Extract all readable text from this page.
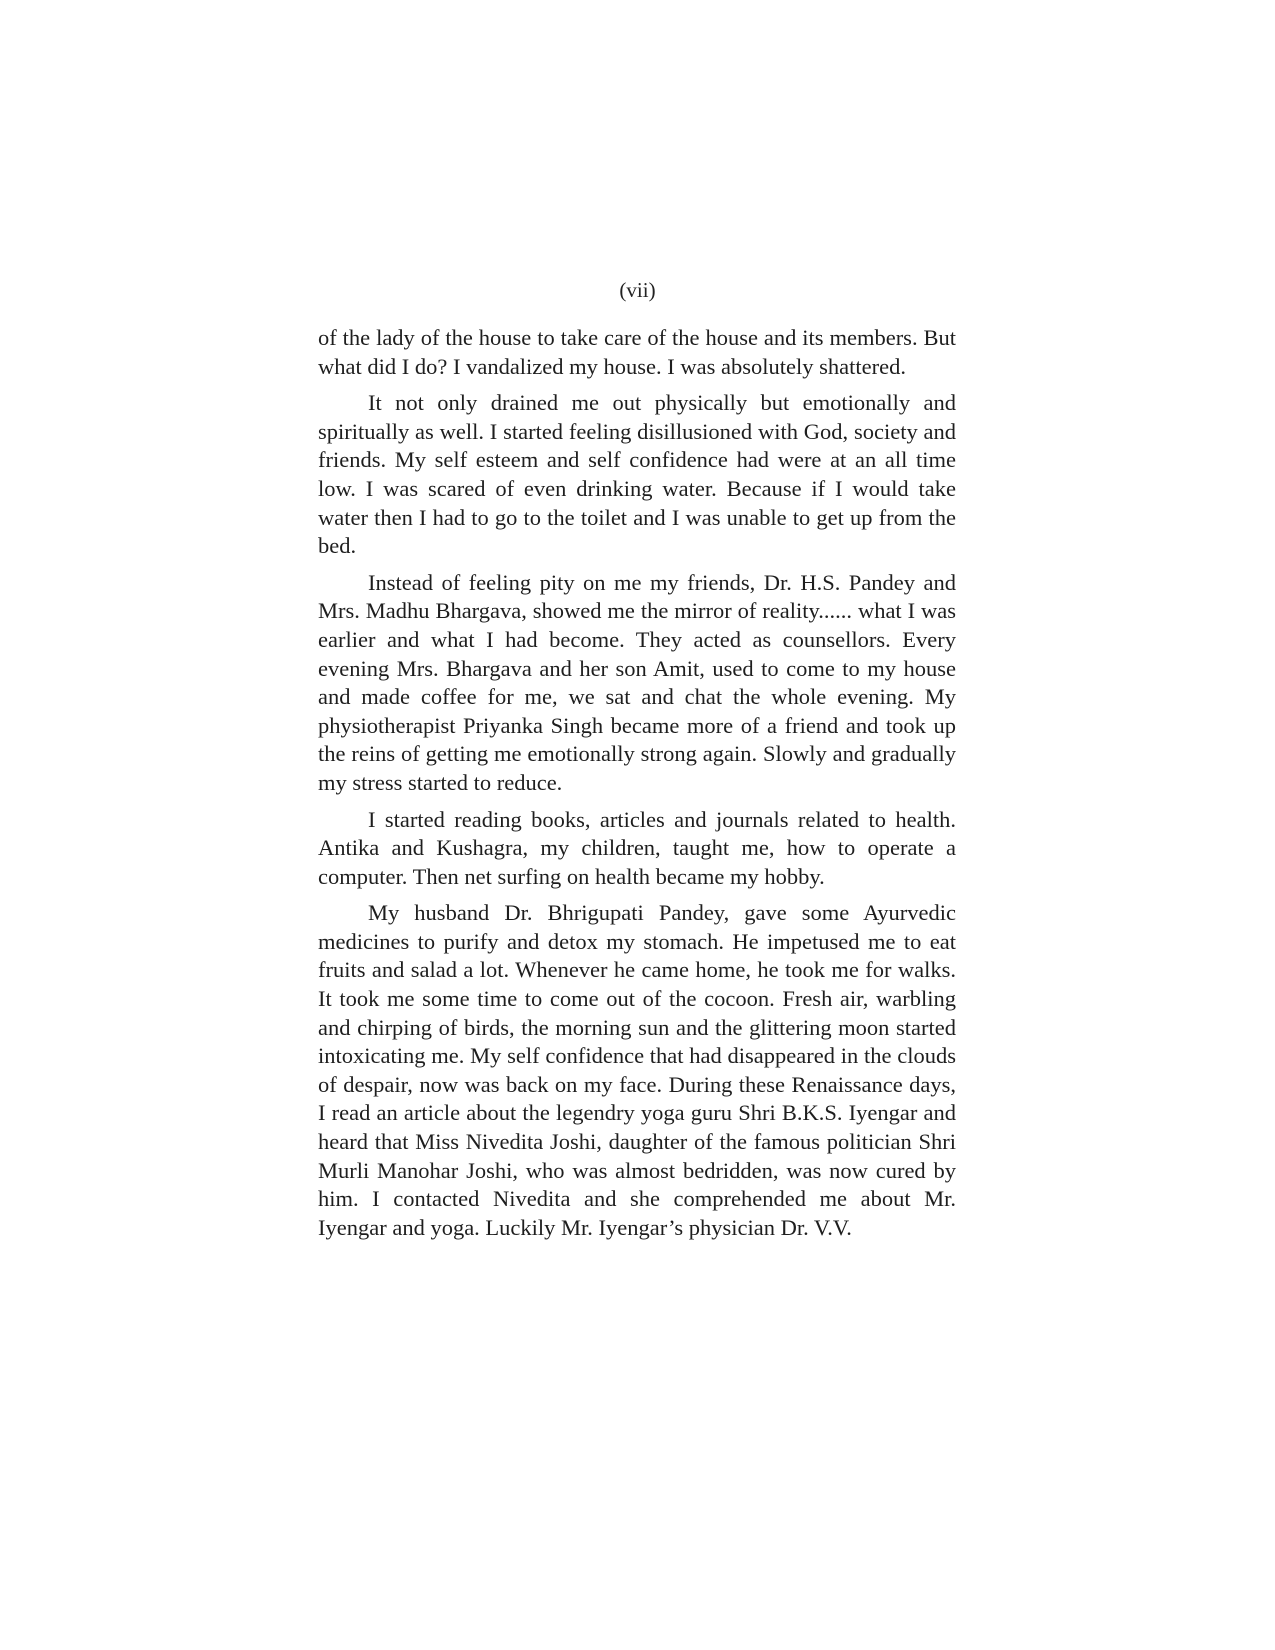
(vii)

of the lady of the house to take care of the house and its members. But what did I do? I vandalized my house. I was absolutely shattered.

It not only drained me out physically but emotionally and spiritually as well. I started feeling disillusioned with God, society and friends. My self esteem and self confidence had were at an all time low. I was scared of even drinking water. Because if I would take water then I had to go to the toilet and I was unable to get up from the bed.

Instead of feeling pity on me my friends, Dr. H.S. Pandey and Mrs. Madhu Bhargava, showed me the mirror of reality...... what I was earlier and what I had become. They acted as counsellors. Every evening Mrs. Bhargava and her son Amit, used to come to my house and made coffee for me, we sat and chat the whole evening. My physiotherapist Priyanka Singh became more of a friend and took up the reins of getting me emotionally strong again. Slowly and gradually my stress started to reduce.

I started reading books, articles and journals related to health. Antika and Kushagra, my children, taught me, how to operate a computer. Then net surfing on health became my hobby.

My husband Dr. Bhrigupati Pandey, gave some Ayurvedic medicines to purify and detox my stomach. He impetused me to eat fruits and salad a lot. Whenever he came home, he took me for walks. It took me some time to come out of the cocoon. Fresh air, warbling and chirping of birds, the morning sun and the glittering moon started intoxicating me. My self confidence that had disappeared in the clouds of despair, now was back on my face. During these Renaissance days, I read an article about the legendry yoga guru Shri B.K.S. Iyengar and heard that Miss Nivedita Joshi, daughter of the famous politician Shri Murli Manohar Joshi, who was almost bedridden, was now cured by him. I contacted Nivedita and she comprehended me about Mr. Iyengar and yoga. Luckily Mr. Iyengar’s physician Dr. V.V.
